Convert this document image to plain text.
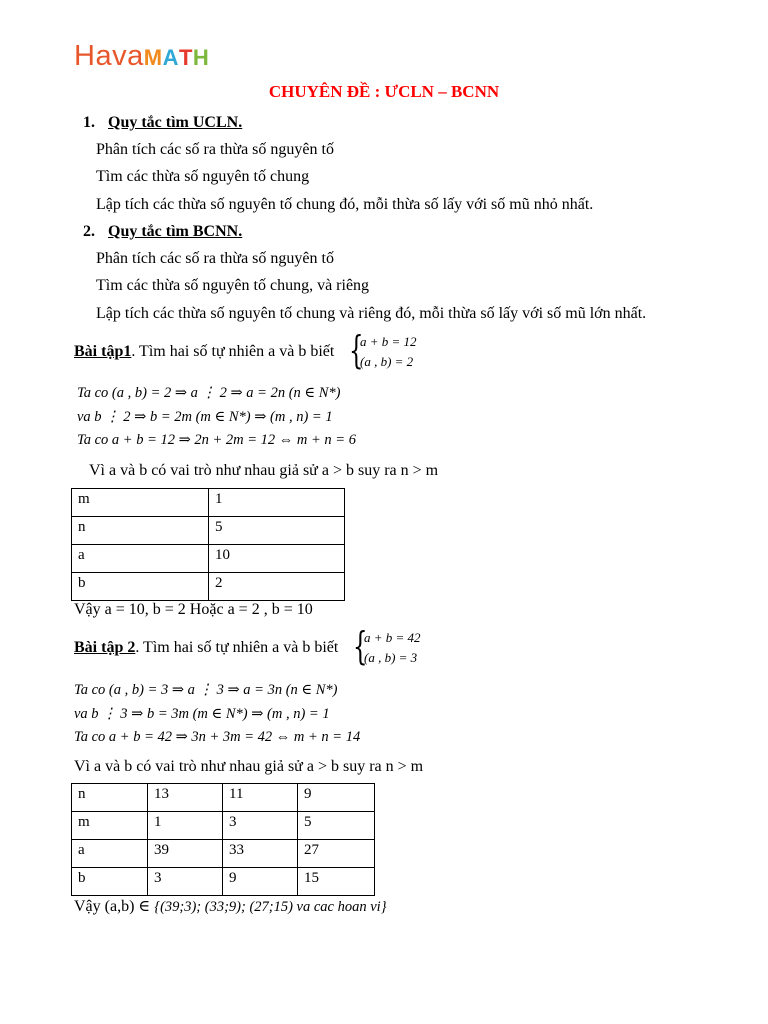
HavaMATH
CHUYÊN ĐỀ : ƯCLN – BCNN
1. Quy tắc tìm UCLN.
Phân tích các số ra thừa số nguyên tố
Tìm các thừa số nguyên tố chung
Lập tích các thừa số nguyên tố chung đó, mỗi thừa số lấy với số mũ nhỏ nhất.
2. Quy tắc tìm BCNN.
Phân tích các số ra thừa số nguyên tố
Tìm các thừa số nguyên tố chung, và riêng
Lập tích các thừa số nguyên tố chung và riêng đó, mỗi thừa số lấy với số mũ lớn nhất.
Bài tập1. Tìm hai số tự nhiên a và b biết {
a + b = 12
(a , b) = 2
Ta co (a , b) = 2 ⇒ a ⋮ 2 ⇒ a = 2n (n ∈ N*)
va b ⋮ 2 ⇒ b = 2m (m ∈ N*) ⇒ (m , n) = 1
Ta co a + b = 12 ⇒ 2n + 2m = 12 ⇔ m + n = 6
Vì a và b có vai trò như nhau giả sử a > b suy ra n > m
m	1
n	5
a	10
b	2
Vậy a = 10, b = 2 Hoặc a = 2 , b = 10
Bài tập 2. Tìm hai số tự nhiên a và b biết {
a + b = 42
(a , b) = 3
Ta co (a , b) = 3 ⇒ a ⋮ 3 ⇒ a = 3n (n ∈ N*)
va b ⋮ 3 ⇒ b = 3m (m ∈ N*) ⇒ (m , n) = 1
Ta co a + b = 42 ⇒ 3n + 3m = 42 ⇔ m + n = 14
Vì a và b có vai trò như nhau giả sử a > b suy ra n > m
n	13	11	9
m	1	3	5
a	39	33	27
b	3	9	15
Vậy (a,b) ∈ {(39;3); (33;9); (27;15) va cac hoan vi}
